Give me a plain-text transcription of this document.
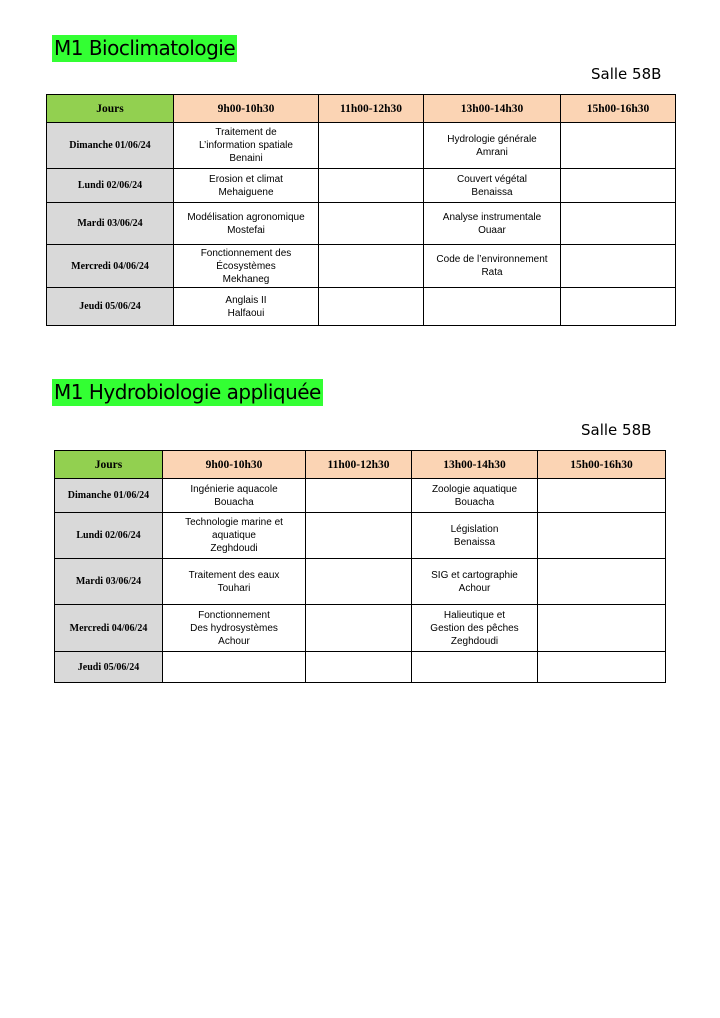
M1 Bioclimatologie
Salle 58B
Jours	9h00-10h30	11h00-12h30	13h00-14h30	15h00-16h30
Dimanche 01/06/24	Traitement de
L’information spatiale
Benaini		Hydrologie générale
Amrani	

Lundi 02/06/24	Erosion et climat
Mehaiguene		Couvert végétal
Benaissa	

Mardi 03/06/24	Modélisation agronomique
Mostefai		Analyse instrumentale
Ouaar	

Mercredi 04/06/24	Fonctionnement des
Écosystèmes
Mekhaneg		Code de l’environnement
Rata	

Jeudi 05/06/24	Anglais II
Halfaoui			

M1 Hydrobiologie appliquée
Salle 58B
Jours	9h00-10h30	11h00-12h30	13h00-14h30	15h00-16h30
Dimanche 01/06/24	Ingénierie aquacole
Bouacha		Zoologie aquatique
Bouacha	

Lundi 02/06/24	Technologie marine et
aquatique
Zeghdoudi		Législation
Benaissa	

Mardi 03/06/24	Traitement des eaux
Touhari		SIG et cartographie
Achour	

Mercredi 04/06/24	Fonctionnement
Des hydrosystèmes
Achour		Halieutique et
Gestion des pêches
Zeghdoudi	

Jeudi 05/06/24				
